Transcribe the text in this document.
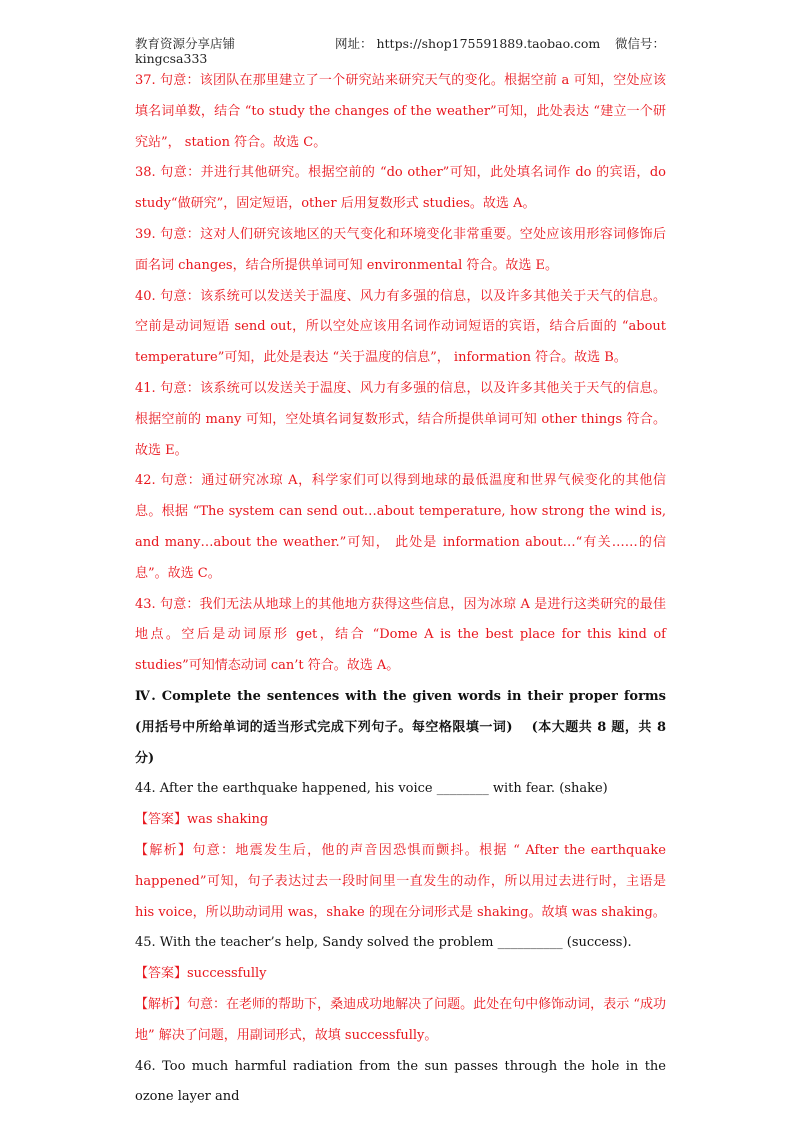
教育资源分享店铺	网址： https://shop175591889.taobao.com 微信号：
kingcsa333

37. 句意：该团队在那里建立了一个研究站来研究天气的变化。根据空前 a 可知，空处应该填名词单数，结合 “to study the changes of the weather”可知，此处表达 “建立一个研究站”， station 符合。故选 C。

38. 句意：并进行其他研究。根据空前的 “do other”可知，此处填名词作 do 的宾语，do study“做研究”，固定短语，other 后用复数形式 studies。故选 A。

39. 句意：这对人们研究该地区的天气变化和环境变化非常重要。空处应该用形容词修饰后面名词 changes，结合所提供单词可知 environmental 符合。故选 E。

40. 句意：该系统可以发送关于温度、风力有多强的信息，以及许多其他关于天气的信息。空前是动词短语 send out，所以空处应该用名词作动词短语的宾语，结合后面的 “about temperature”可知，此处是表达 “关于温度的信息”， information 符合。故选 B。

41. 句意：该系统可以发送关于温度、风力有多强的信息，以及许多其他关于天气的信息。根据空前的 many 可知，空处填名词复数形式，结合所提供单词可知 other things 符合。故选 E。

42. 句意：通过研究冰琼 A，科学家们可以得到地球的最低温度和世界气候变化的其他信息。根据 “The system can send out…about temperature, how strong the wind is, and many…about the weather.”可知， 此处是 information about…“有关……的信息”。故选 C。

43. 句意：我们无法从地球上的其他地方获得这些信息，因为冰琼 A 是进行这类研究的最佳地点。空后是动词原形 get，结合 “Dome A is the best place for this kind of studies”可知情态动词 can’t 符合。故选 A。

Ⅳ. Complete the sentences with the given words in their proper forms (用括号中所给单词的适当形式完成下列句子。每空格限填一词)　 (本大题共 8 题，共 8 分)

44. After the earthquake happened, his voice ________ with fear. (shake)

【答案】was shaking

【解析】句意：地震发生后，他的声音因恐惧而颤抖。根据 “ After the earthquake happened”可知，句子表达过去一段时间里一直发生的动作，所以用过去进行时，主语是 his voice，所以助动词用 was，shake 的现在分词形式是 shaking。故填 was shaking。

45. With the teacher’s help, Sandy solved the problem __________ (success).

【答案】successfully

【解析】句意：在老师的帮助下，桑迪成功地解决了问题。此处在句中修饰动词，表示 “成功地” 解决了问题，用副词形式，故填 successfully。

46. Too much harmful radiation from the sun passes through the hole in the ozone layer and
